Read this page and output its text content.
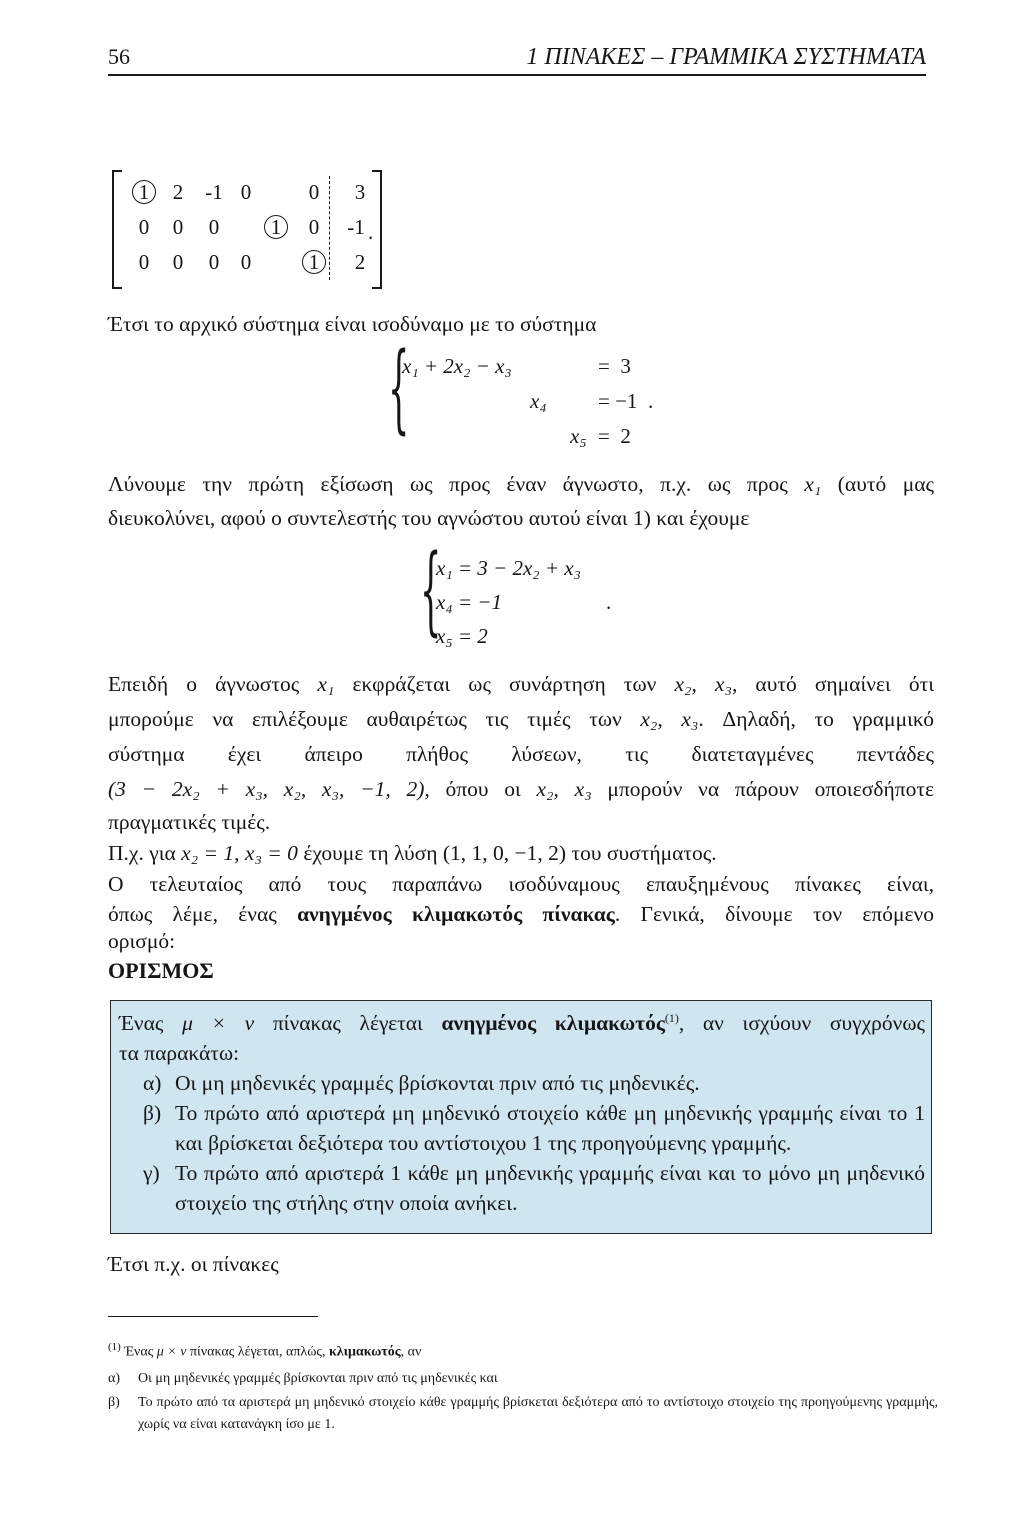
56	1 ΠΙΝΑΚΕΣ – ΓΡΑΜΜΙΚΑ ΣΥΣΤΗΜΑΤΑ
1	2	-1 0	0	3
0	0	0	1	0	-1
0	0	0	0	1	2
.
Έτσι το αρχικό σύστημα είναι ισοδύναμο με το σύστημα
{
x₁ + 2x₂ − x₃
x₄
x₅
=  3
= −1
=  2
.
Λύνουμε την πρώτη εξίσωση ως προς έναν άγνωστο, π.χ. ως προς x₁ (αυτό μας
διευκολύνει, αφού ο συντελεστής του αγνώστου αυτού είναι 1) και έχουμε
{
x₁ = 3 − 2x₂ + x₃
x₄ = −1
x₅ = 2
.
Επειδή ο άγνωστος x₁ εκφράζεται ως συνάρτηση των x₂, x₃, αυτό σημαίνει ότι
μπορούμε να επιλέξουμε αυθαιρέτως τις τιμές των x₂, x₃. Δηλαδή, το γραμμικό
σύστημα έχει άπειρο πλήθος λύσεων, τις διατεταγμένες πεντάδες
(3 − 2x₂ + x₃, x₂, x₃, −1, 2), όπου οι x₂, x₃ μπορούν να πάρουν οποιεσδήποτε
πραγματικές τιμές.
Π.χ. για x₂ = 1, x₃ = 0 έχουμε τη λύση (1, 1, 0, −1, 2) του συστήματος.
Ο τελευταίος από τους παραπάνω ισοδύναμους επαυξημένους πίνακες είναι,
όπως λέμε, ένας ανηγμένος κλιμακωτός πίνακας. Γενικά, δίνουμε τον επόμενο
ορισμό:
ΟΡΙΣΜΟΣ
Ένας μ × ν πίνακας λέγεται ανηγμένος κλιμακωτός$^{(1)}$, αν ισχύουν συγχρόνως
τα παρακάτω:
α) Οι μη μηδενικές γραμμές βρίσκονται πριν από τις μηδενικές.
β) Το πρώτο από αριστερά μη μηδενικό στοιχείο κάθε μη μηδενικής γραμμής είναι το 1 και βρίσκεται δεξιότερα του αντίστοιχου 1 της προηγούμενης γραμμής.
γ) Το πρώτο από αριστερά 1 κάθε μη μηδενικής γραμμής είναι και το μόνο μη μηδενικό στοιχείο της στήλης στην οποία ανήκει.
Έτσι π.χ. οι πίνακες
$^{(1)}$ Ένας μ × ν πίνακας λέγεται, απλώς, κλιμακωτός, αν
α) Οι μη μηδενικές γραμμές βρίσκονται πριν από τις μηδενικές και
β) Το πρώτο από τα αριστερά μη μηδενικό στοιχείο κάθε γραμμής βρίσκεται δεξιότερα από το αντίστοιχο στοιχείο της προηγούμενης γραμμής, χωρίς να είναι κατανάγκη ίσο με 1.
